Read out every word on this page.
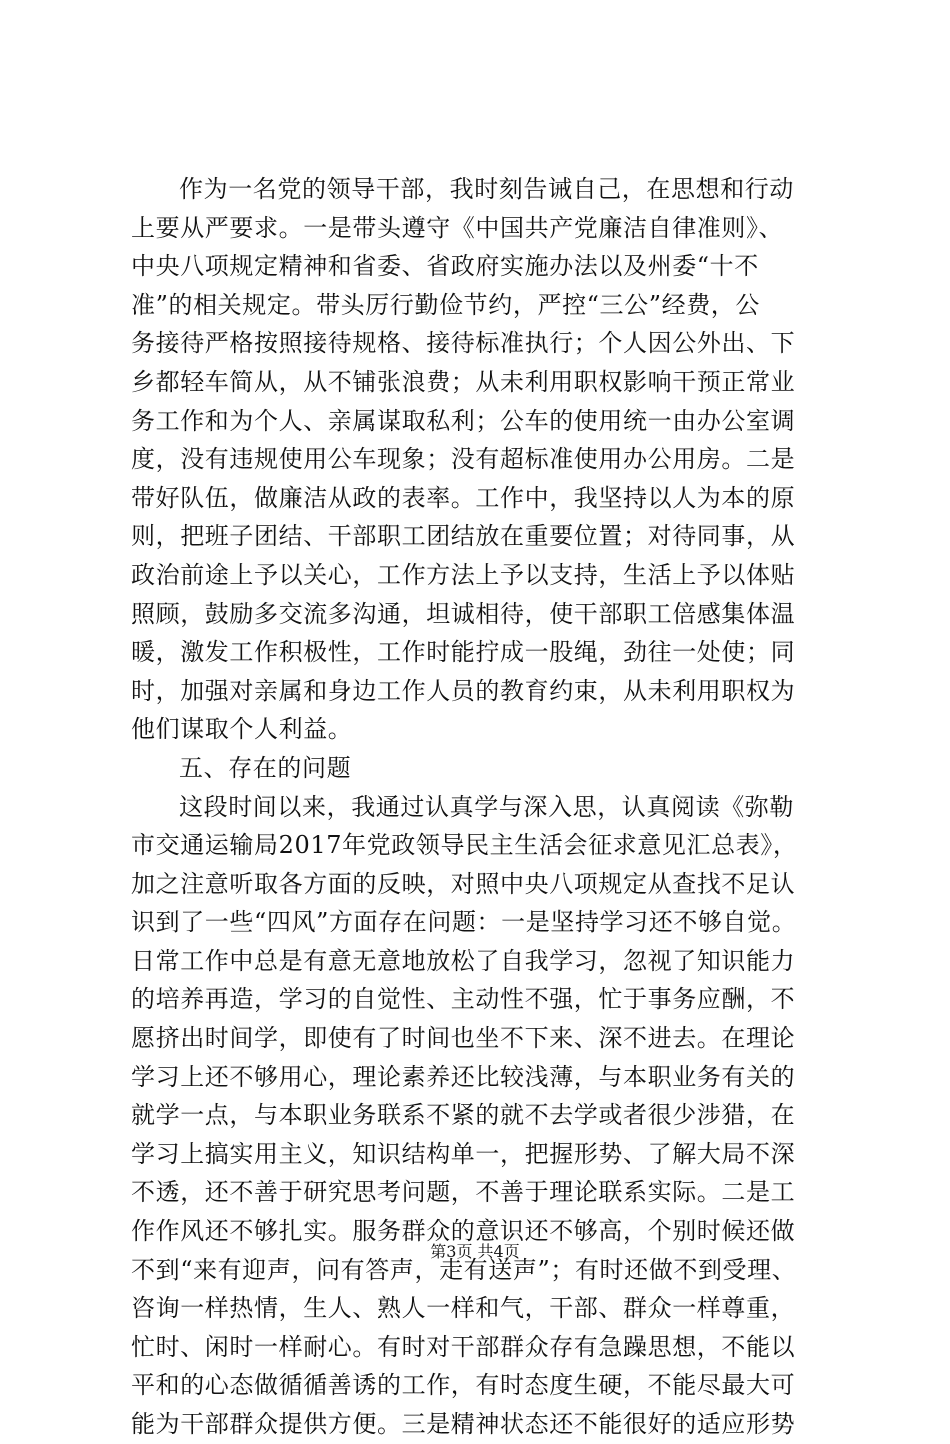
作为一名党的领导干部，我时刻告诫自己，在思想和行动
上要从严要求。一是带头遵守《中国共产党廉洁自律准则》、
中央八项规定精神和省委、省政府实施办法以及州委“十不
准”的相关规定。带头厉行勤俭节约，严控“三公”经费，公
务接待严格按照接待规格、接待标准执行；个人因公外出、下
乡都轻车简从，从不铺张浪费；从未利用职权影响干预正常业
务工作和为个人、亲属谋取私利；公车的使用统一由办公室调
度，没有违规使用公车现象；没有超标准使用办公用房。二是
带好队伍，做廉洁从政的表率。工作中，我坚持以人为本的原
则，把班子团结、干部职工团结放在重要位置；对待同事，从
政治前途上予以关心，工作方法上予以支持，生活上予以体贴
照顾，鼓励多交流多沟通，坦诚相待，使干部职工倍感集体温
暖，激发工作积极性，工作时能拧成一股绳，劲往一处使；同
时，加强对亲属和身边工作人员的教育约束，从未利用职权为
他们谋取个人利益。
五、存在的问题
这段时间以来，我通过认真学与深入思，认真阅读《弥勒
市交通运输局2017年党政领导民主生活会征求意见汇总表》，
加之注意听取各方面的反映，对照中央八项规定从查找不足认
识到了一些“四风”方面存在问题：一是坚持学习还不够自觉。
日常工作中总是有意无意地放松了自我学习，忽视了知识能力
的培养再造，学习的自觉性、主动性不强，忙于事务应酬，不
愿挤出时间学，即使有了时间也坐不下来、深不进去。在理论
学习上还不够用心，理论素养还比较浅薄，与本职业务有关的
就学一点，与本职业务联系不紧的就不去学或者很少涉猎，在
学习上搞实用主义，知识结构单一，把握形势、了解大局不深
不透，还不善于研究思考问题，不善于理论联系实际。二是工
作作风还不够扎实。服务群众的意识还不够高，个别时候还做
不到“来有迎声，问有答声，走有送声”；有时还做不到受理、
咨询一样热情，生人、熟人一样和气，干部、群众一样尊重，
忙时、闲时一样耐心。有时对干部群众存有急躁思想，不能以
平和的心态做循循善诱的工作，有时态度生硬，不能尽最大可
能为干部群众提供方便。三是精神状态还不能很好的适应形势
第3页 共4页
